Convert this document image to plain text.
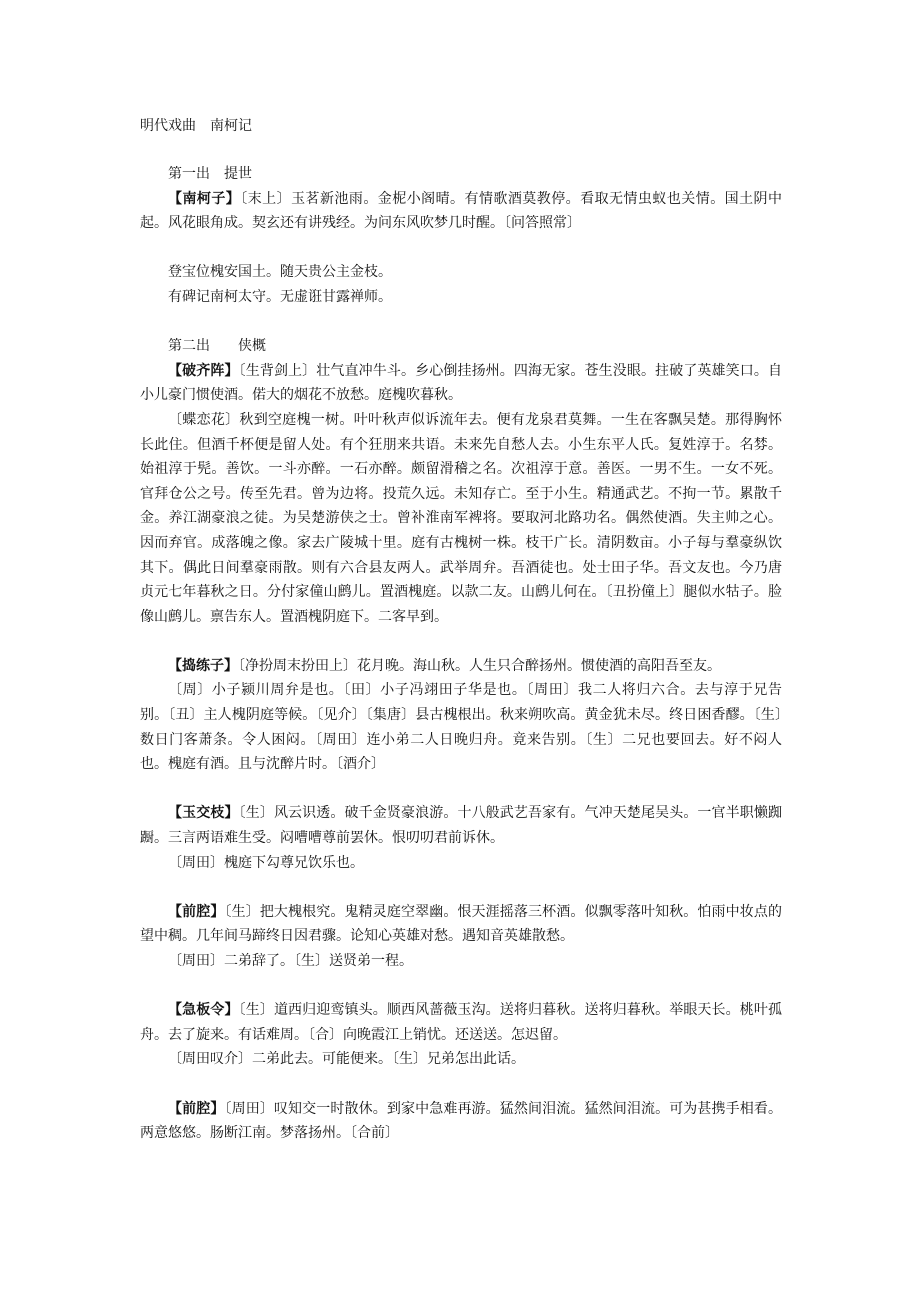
明代戏曲　南柯记

第一出　提世

【南柯子】〔末上〕玉茗新池雨。金柅小阁晴。有情歌酒莫教停。看取无情虫蚁也关情。国土阴中起。风花眼角成。契玄还有讲残经。为问东风吹梦几时醒。〔问答照常〕

登宝位槐安国土。随天贵公主金枝。

有碑记南柯太守。无虚诳甘露禅师。

第二出　　侠概

【破齐阵】〔生背剑上〕壮气直冲牛斗。乡心倒挂扬州。四海无家。苍生没眼。拄破了英雄笑口。自小儿豪门惯使酒。偌大的烟花不放愁。庭槐吹暮秋。

〔蝶恋花〕秋到空庭槐一树。叶叶秋声似诉流年去。便有龙泉君莫舞。一生在客飘吴楚。那得胸怀长此住。但酒千杯便是留人处。有个狂朋来共语。未来先自愁人去。小生东平人氏。复姓淳于。名棼。始祖淳于髡。善饮。一斗亦醉。一石亦醉。颇留滑稽之名。次祖淳于意。善医。一男不生。一女不死。官拜仓公之号。传至先君。曾为边将。投荒久远。未知存亡。至于小生。精通武艺。不拘一节。累散千金。养江湖豪浪之徒。为吴楚游侠之士。曾补淮南军裨将。要取河北路功名。偶然使酒。失主帅之心。因而弃官。成落魄之像。家去广陵城十里。庭有古槐树一株。枝干广长。清阴数亩。小子每与羣豪纵饮其下。偶此日间羣豪雨散。则有六合县友两人。武举周弁。吾酒徒也。处士田子华。吾文友也。今乃唐贞元七年暮秋之日。分付家僮山鹧儿。置酒槐庭。以款二友。山鹧儿何在。〔丑扮僮上〕腿似水牯子。脸像山鹧儿。禀告东人。置酒槐阴庭下。二客早到。

【捣练子】〔净扮周末扮田上〕花月晚。海山秋。人生只合醉扬州。惯使酒的高阳吾至友。

〔周〕小子颍川周弁是也。〔田〕小子冯翊田子华是也。〔周田〕我二人将归六合。去与淳于兄告别。〔丑〕主人槐阴庭等候。〔见介〕〔集唐〕县古槐根出。秋来朔吹高。黄金犹未尽。终日困香醪。〔生〕数日门客萧条。令人困闷。〔周田〕连小弟二人日晚归舟。竟来告别。〔生〕二兄也要回去。好不闷人也。槐庭有酒。且与沈醉片时。〔酒介〕

【玉交枝】〔生〕风云识透。破千金贤豪浪游。十八般武艺吾家有。气冲天楚尾吴头。一官半职懒踟蹰。三言两语难生受。闷嘈嘈尊前罢休。恨叨叨君前诉休。

〔周田〕槐庭下勾尊兄饮乐也。

【前腔】〔生〕把大槐根究。鬼精灵庭空翠幽。恨天涯摇落三杯酒。似飘零落叶知秋。怕雨中妆点的望中稠。几年间马蹄终日因君骤。论知心英雄对愁。遇知音英雄散愁。

〔周田〕二弟辞了。〔生〕送贤弟一程。

【急板令】〔生〕道西归迎鸾镇头。顺西风蔷薇玉沟。送将归暮秋。送将归暮秋。举眼天长。桃叶孤舟。去了旋来。有话难周。〔合〕向晚霞江上销忧。还送送。怎迟留。

〔周田叹介〕二弟此去。可能便来。〔生〕兄弟怎出此话。

【前腔】〔周田〕叹知交一时散休。到家中急难再游。猛然间泪流。猛然间泪流。可为甚携手相看。两意悠悠。肠断江南。梦落扬州。〔合前〕
